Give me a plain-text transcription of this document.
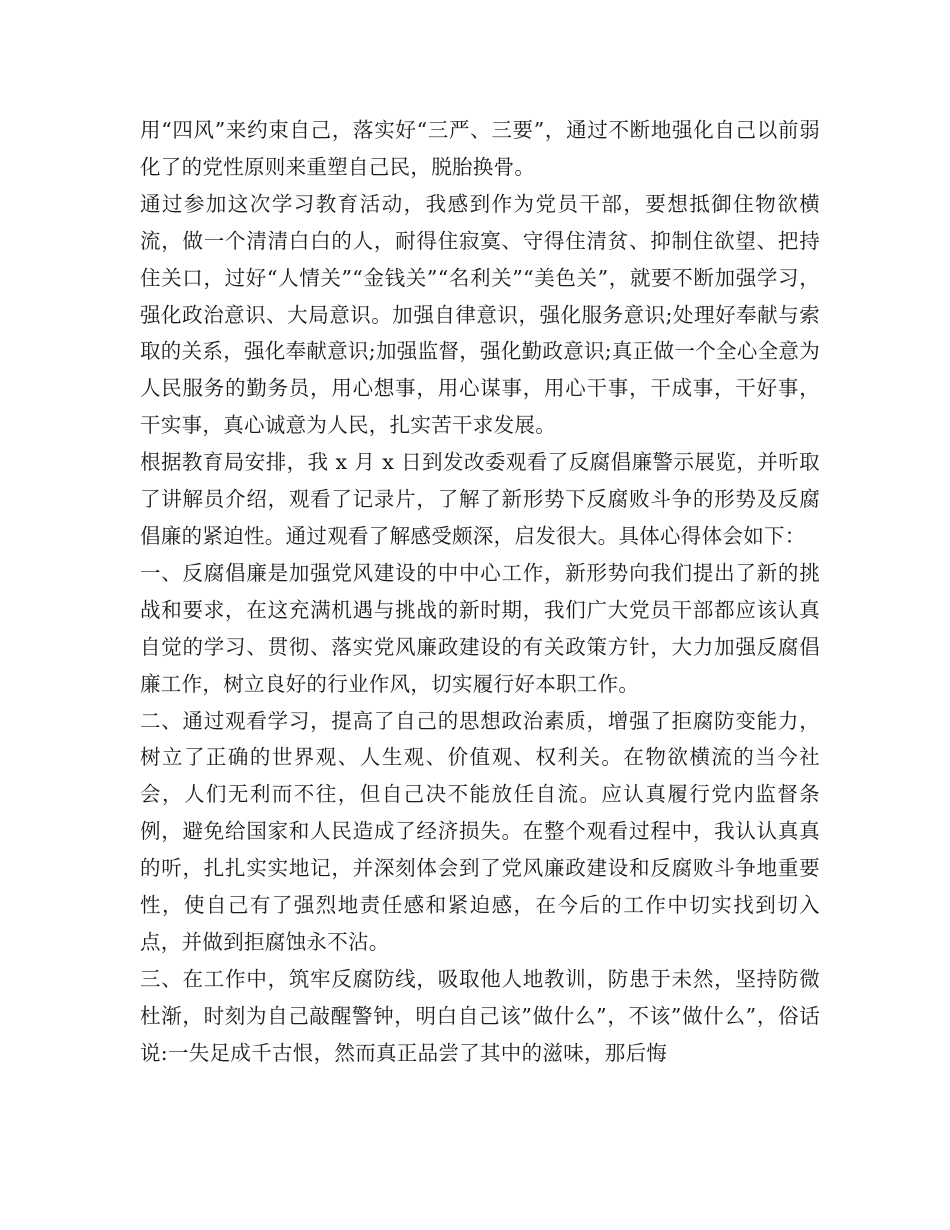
用“四风”来约束自己，落实好“三严、三要”，通过不断地强化自己以前弱化了的党性原则来重塑自己民，脱胎换骨。

通过参加这次学习教育活动，我感到作为党员干部，要想抵御住物欲横流，做一个清清白白的人，耐得住寂寞、守得住清贫、抑制住欲望、把持住关口，过好“人情关”“金钱关”“名利关”“美色关”，就要不断加强学习，强化政治意识、大局意识。加强自律意识，强化服务意识;处理好奉献与索取的关系，强化奉献意识;加强监督，强化勤政意识;真正做一个全心全意为人民服务的勤务员，用心想事，用心谋事，用心干事，干成事，干好事，干实事，真心诚意为人民，扎实苦干求发展。

根据教育局安排，我 x 月 x 日到发改委观看了反腐倡廉警示展览，并听取了讲解员介绍，观看了记录片，了解了新形势下反腐败斗争的形势及反腐倡廉的紧迫性。通过观看了解感受颇深，启发很大。具体心得体会如下：

一、反腐倡廉是加强党风建设的中中心工作，新形势向我们提出了新的挑战和要求，在这充满机遇与挑战的新时期，我们广大党员干部都应该认真自觉的学习、贯彻、落实党风廉政建设的有关政策方针，大力加强反腐倡廉工作，树立良好的行业作风，切实履行好本职工作。

二、通过观看学习，提高了自己的思想政治素质，增强了拒腐防变能力，树立了正确的世界观、人生观、价值观、权利关。在物欲横流的当今社会，人们无利而不往，但自己决不能放任自流。应认真履行党内监督条例，避免给国家和人民造成了经济损失。在整个观看过程中，我认认真真的听，扎扎实实地记，并深刻体会到了党风廉政建设和反腐败斗争地重要性，使自己有了强烈地责任感和紧迫感，在今后的工作中切实找到切入点，并做到拒腐蚀永不沾。

三、在工作中，筑牢反腐防线，吸取他人地教训，防患于未然，坚持防微杜渐，时刻为自己敲醒警钟，明白自己该”做什么”，不该”做什么”，俗话说:一失足成千古恨，然而真正品尝了其中的滋味，那后悔
